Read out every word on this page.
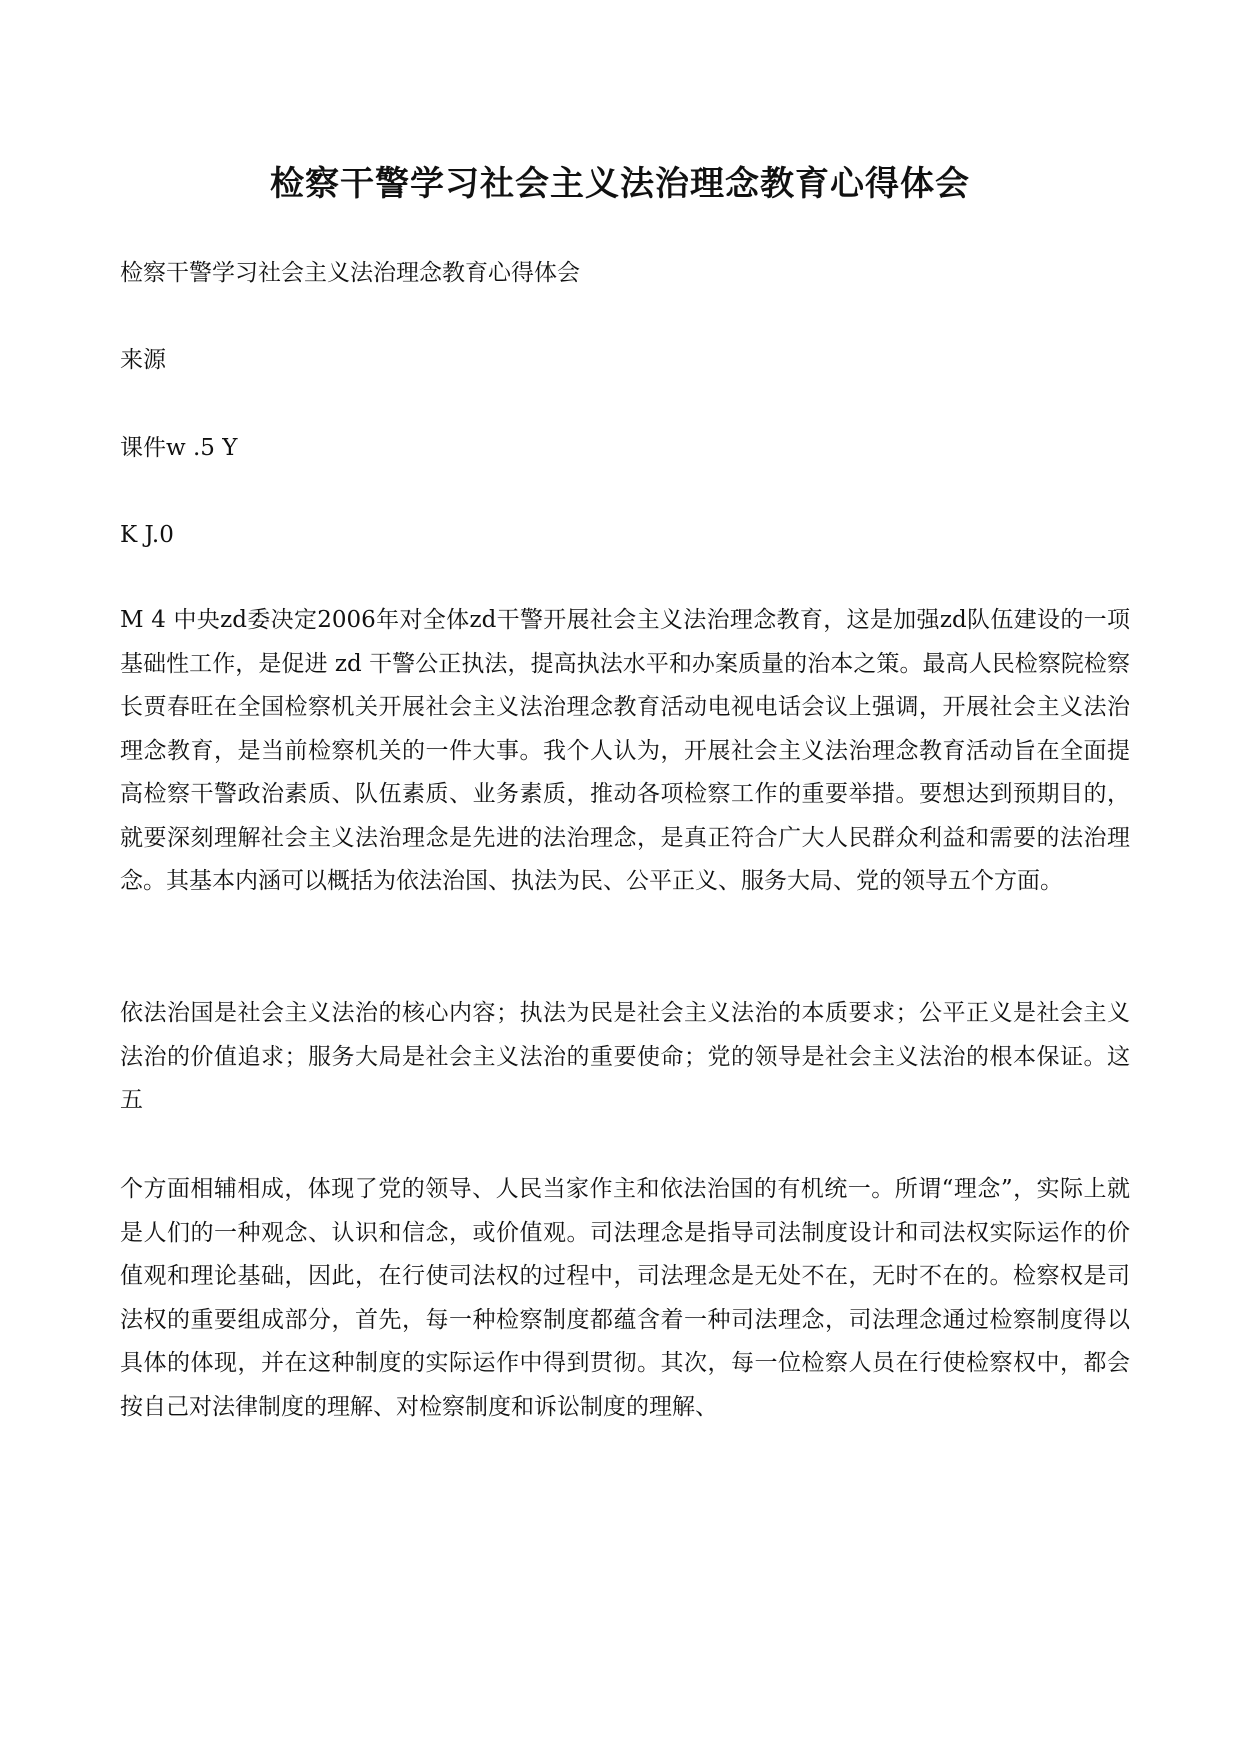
检察干警学习社会主义法治理念教育心得体会

检察干警学习社会主义法治理念教育心得体会

来源

课件w .5 Y

K J.0

M 4 中央zd委决定2006年对全体zd干警开展社会主义法治理念教育，这是加强zd队伍建设的一项基础性工作，是促进 zd 干警公正执法，提高执法水平和办案质量的治本之策。最高人民检察院检察长贾春旺在全国检察机关开展社会主义法治理念教育活动电视电话会议上强调，开展社会主义法治理念教育，是当前检察机关的一件大事。我个人认为，开展社会主义法治理念教育活动旨在全面提高检察干警政治素质、队伍素质、业务素质，推动各项检察工作的重要举措。要想达到预期目的，就要深刻理解社会主义法治理念是先进的法治理念，是真正符合广大人民群众利益和需要的法治理念。其基本内涵可以概括为依法治国、执法为民、公平正义、服务大局、党的领导五个方面。

依法治国是社会主义法治的核心内容；执法为民是社会主义法治的本质要求；公平正义是社会主义法治的价值追求；服务大局是社会主义法治的重要使命；党的领导是社会主义法治的根本保证。这五

个方面相辅相成，体现了党的领导、人民当家作主和依法治国的有机统一。所谓“理念”，实际上就是人们的一种观念、认识和信念，或价值观。司法理念是指导司法制度设计和司法权实际运作的价值观和理论基础，因此，在行使司法权的过程中，司法理念是无处不在，无时不在的。检察权是司法权的重要组成部分，首先，每一种检察制度都蕴含着一种司法理念，司法理念通过检察制度得以具体的体现，并在这种制度的实际运作中得到贯彻。其次，每一位检察人员在行使检察权中，都会按自己对法律制度的理解、对检察制度和诉讼制度的理解、
